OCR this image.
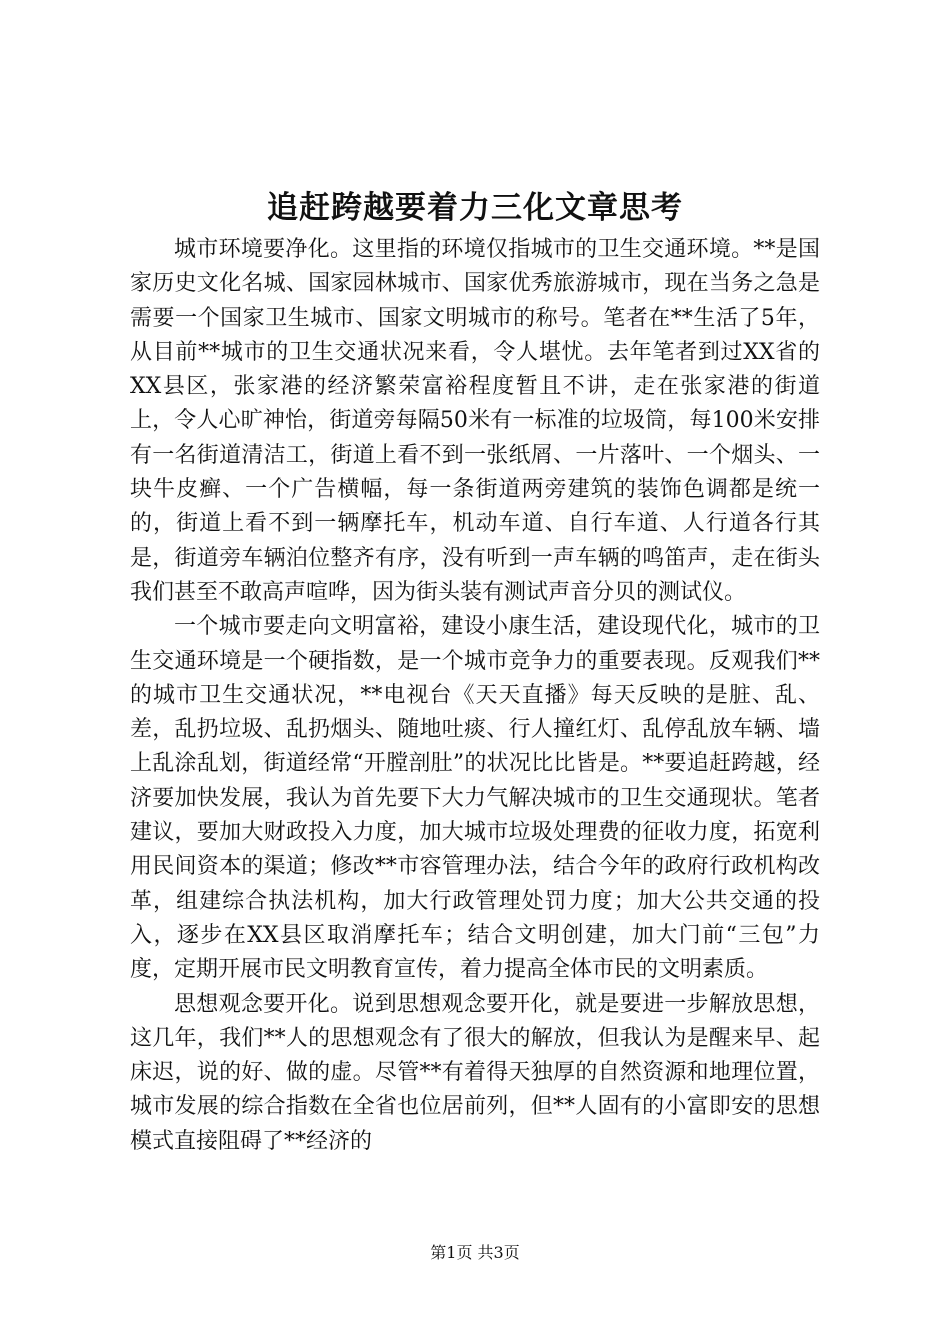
追赶跨越要着力三化文章思考

城市环境要净化。这里指的环境仅指城市的卫生交通环境。**是国家历史文化名城、国家园林城市、国家优秀旅游城市，现在当务之急是需要一个国家卫生城市、国家文明城市的称号。笔者在**生活了5年，从目前**城市的卫生交通状况来看，令人堪忧。去年笔者到过XX省的XX县区，张家港的经济繁荣富裕程度暂且不讲，走在张家港的街道上，令人心旷神怡，街道旁每隔50米有一标准的垃圾筒，每100米安排有一名街道清洁工，街道上看不到一张纸屑、一片落叶、一个烟头、一块牛皮癣、一个广告横幅，每一条街道两旁建筑的装饰色调都是统一的，街道上看不到一辆摩托车，机动车道、自行车道、人行道各行其是，街道旁车辆泊位整齐有序，没有听到一声车辆的鸣笛声，走在街头我们甚至不敢高声喧哗，因为街头装有测试声音分贝的测试仪。

一个城市要走向文明富裕，建设小康生活，建设现代化，城市的卫生交通环境是一个硬指数，是一个城市竞争力的重要表现。反观我们**的城市卫生交通状况，**电视台《天天直播》每天反映的是脏、乱、差，乱扔垃圾、乱扔烟头、随地吐痰、行人撞红灯、乱停乱放车辆、墙上乱涂乱划，街道经常“开膛剖肚”的状况比比皆是。**要追赶跨越，经济要加快发展，我认为首先要下大力气解决城市的卫生交通现状。笔者建议，要加大财政投入力度，加大城市垃圾处理费的征收力度，拓宽利用民间资本的渠道；修改**市容管理办法，结合今年的政府行政机构改革，组建综合执法机构，加大行政管理处罚力度；加大公共交通的投入，逐步在XX县区取消摩托车；结合文明创建，加大门前“三包”力度，定期开展市民文明教育宣传，着力提高全体市民的文明素质。

思想观念要开化。说到思想观念要开化，就是要进一步解放思想，这几年，我们**人的思想观念有了很大的解放，但我认为是醒来早、起床迟，说的好、做的虚。尽管**有着得天独厚的自然资源和地理位置，城市发展的综合指数在全省也位居前列，但**人固有的小富即安的思想模式直接阻碍了**经济的

第1页 共3页
